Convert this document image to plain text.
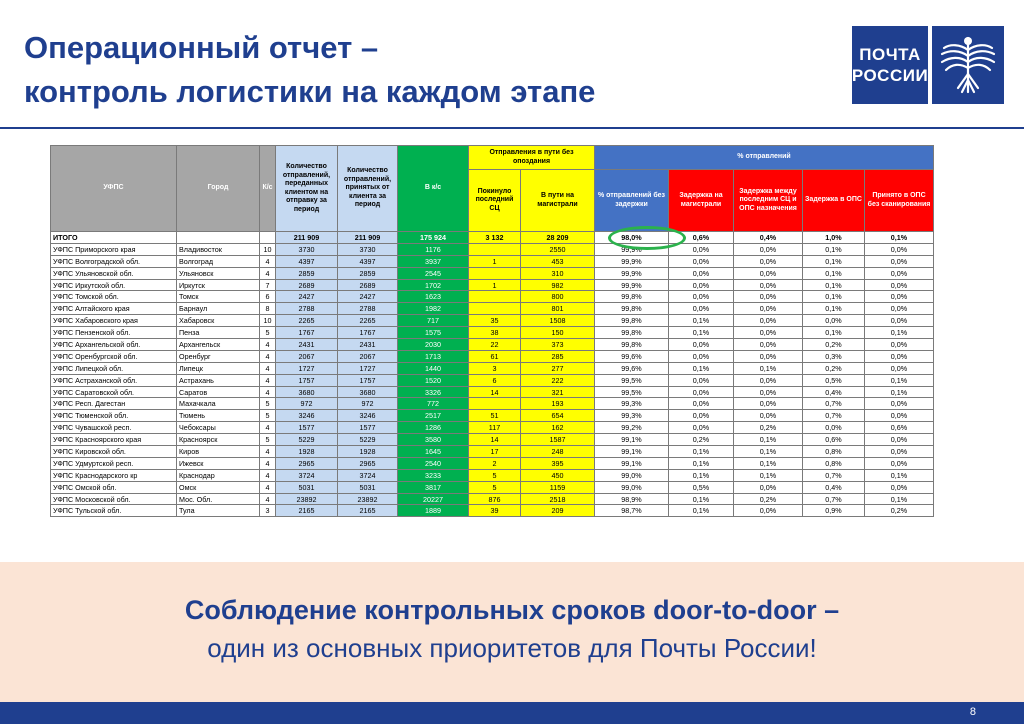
Операционный отчет –
контроль логистики на каждом этапе
ПОЧТА
РОССИИ
УФПС	Город	К/с	Количество отправлений, переданных клиентом на отправку за период	Количество отправлений, принятых от клиента за период	В к/с	Отправления в пути без опоздания		% отправлений				
						Покинуло последний СЦ	В пути на магистрали	% отправлений без задержки	Задержка на магистрали	Задержка между последним СЦ и ОПС назначения	Задержка в ОПС	Принято в ОПС без сканирования
ИТОГО			211 909	211 909	175 924	3 132	28 209	98,0%	0,6%	0,4%	1,0%	0,1%
УФПС Приморского края	Владивосток	10	3730	3730	1176		2550	99,9%	0,0%	0,0%	0,1%	0,0%
УФПС Волгоградской обл.	Волгоград	4	4397	4397	3937	1	453	99,9%	0,0%	0,0%	0,1%	0,0%
УФПС Ульяновской обл.	Ульяновск	4	2859	2859	2545		310	99,9%	0,0%	0,0%	0,1%	0,0%
УФПС Иркутской обл.	Иркутск	7	2689	2689	1702	1	982	99,9%	0,0%	0,0%	0,1%	0,0%
УФПС Томской обл.	Томск	6	2427	2427	1623		800	99,8%	0,0%	0,0%	0,1%	0,0%
УФПС Алтайского края	Барнаул	8	2788	2788	1982		801	99,8%	0,0%	0,0%	0,1%	0,0%
УФПС Хабаровского края	Хабаровск	10	2265	2265	717	35	1508	99,8%	0,1%	0,0%	0,0%	0,0%
УФПС Пензенской обл.	Пенза	5	1767	1767	1575	38	150	99,8%	0,1%	0,0%	0,1%	0,1%
УФПС Архангельской обл.	Архангельск	4	2431	2431	2030	22	373	99,8%	0,0%	0,0%	0,2%	0,0%
УФПС Оренбургской обл.	Оренбург	4	2067	2067	1713	61	285	99,6%	0,0%	0,0%	0,3%	0,0%
УФПС Липецкой обл.	Липецк	4	1727	1727	1440	3	277	99,6%	0,1%	0,1%	0,2%	0,0%
УФПС Астраханской обл.	Астрахань	4	1757	1757	1520	6	222	99,5%	0,0%	0,0%	0,5%	0,1%
УФПС Саратовской обл.	Саратов	4	3680	3680	3326	14	321	99,5%	0,0%	0,0%	0,4%	0,1%
УФПС Респ. Дагестан	Махачкала	5	972	972	772		193	99,3%	0,0%	0,0%	0,7%	0,0%
УФПС Тюменской обл.	Тюмень	5	3246	3246	2517	51	654	99,3%	0,0%	0,0%	0,7%	0,0%
УФПС Чувашской респ.	Чебоксары	4	1577	1577	1286	117	162	99,2%	0,0%	0,2%	0,0%	0,6%
УФПС Красноярского края	Красноярск	5	5229	5229	3580	14	1587	99,1%	0,2%	0,1%	0,6%	0,0%
УФПС Кировской обл.	Киров	4	1928	1928	1645	17	248	99,1%	0,1%	0,1%	0,8%	0,0%
УФПС Удмуртской респ.	Ижевск	4	2965	2965	2540	2	395	99,1%	0,1%	0,1%	0,8%	0,0%
УФПС Краснодарского кр	Краснодар	4	3724	3724	3233	5	450	99,0%	0,1%	0,1%	0,7%	0,1%
УФПС Омской обл.	Омск	4	5031	5031	3817	5	1159	99,0%	0,5%	0,0%	0,4%	0,0%
УФПС Московской обл.	Мос. Обл.	4	23892	23892	20227	876	2518	98,9%	0,1%	0,2%	0,7%	0,1%
УФПС Тульской обл.	Тула	3	2165	2165	1889	39	209	98,7%	0,1%	0,0%	0,9%	0,2%
Соблюдение контрольных сроков door-to-door –
один из основных приоритетов для Почты России!
8
